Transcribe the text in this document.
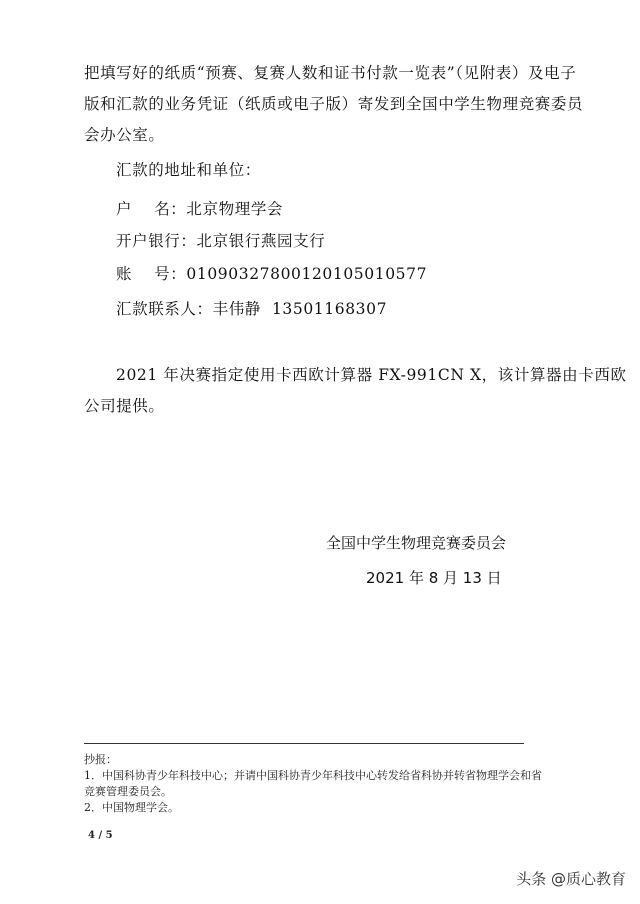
把填写好的纸质“预赛、复赛人数和证书付款一览表”（见附表）及电子
版和汇款的业务凭证（纸质或电子版）寄发到全国中学生物理竞赛委员
会办公室。

汇款的地址和单位：
户    名：北京物理学会
开户银行：北京银行燕园支行
账    号：01090327800120105010577
汇款联系人：丰伟静  13501168307

2021 年决赛指定使用卡西欧计算器 FX-991CN X，该计算器由卡西欧
公司提供。

全国中学生物理竞赛委员会
2021 年 8 月 13 日
抄报：
1．中国科协青少年科技中心；并请中国科协青少年科技中心转发给省科协并转省物理学会和省
竞赛管理委员会。
2．中国物理学会。
4 / 5
头条 @质心教育
